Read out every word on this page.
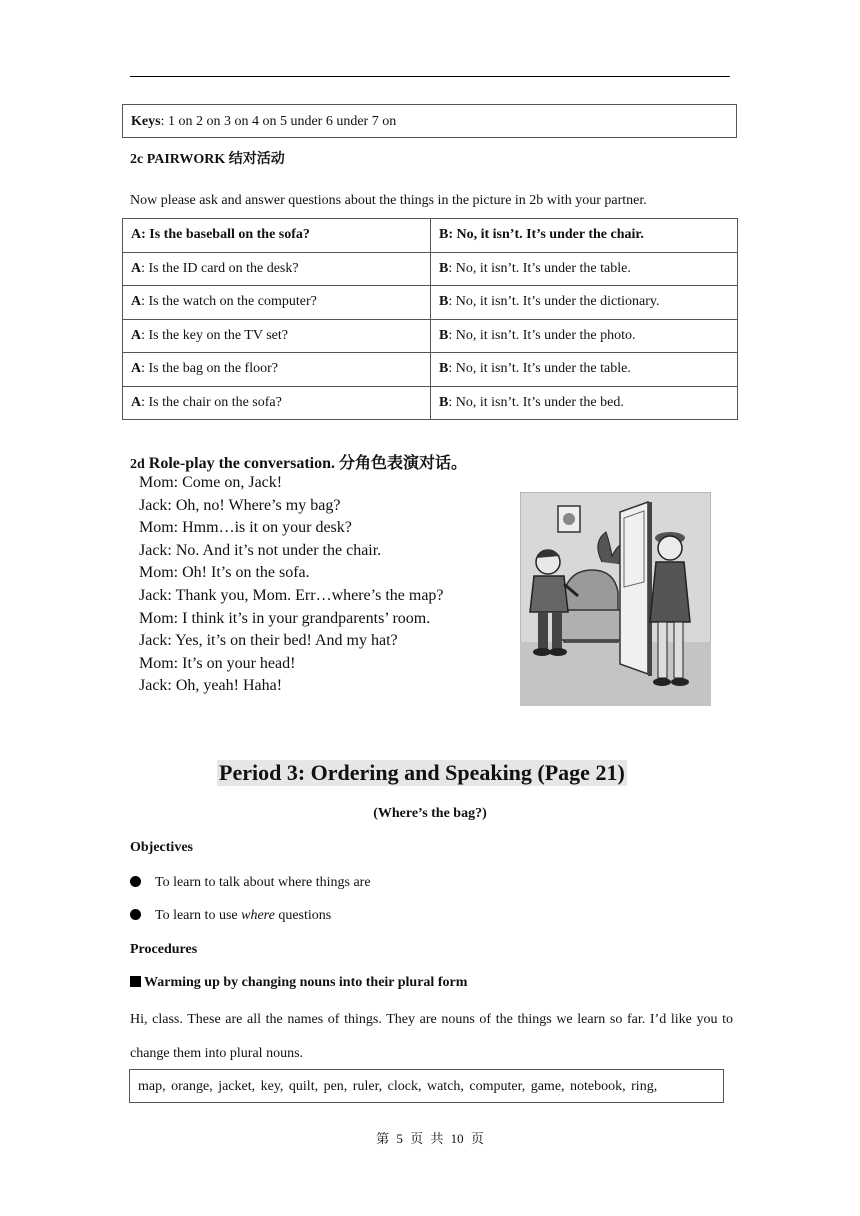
Keys: 1 on 2 on 3 on 4 on 5 under 6 under 7 on
2c PAIRWORK 结对活动
Now please ask and answer questions about the things in the picture in 2b with your partner.
A: Is the baseball on the sofa?	B: No, it isn’t. It’s under the chair.
A: Is the ID card on the desk?	B: No, it isn’t. It’s under the table.
A: Is the watch on the computer?	B: No, it isn’t. It’s under the dictionary.
A: Is the key on the TV set?	B: No, it isn’t. It’s under the photo.
A: Is the bag on the floor?	B: No, it isn’t. It’s under the table.
A: Is the chair on the sofa?	B: No, it isn’t. It’s under the bed.
2d Role-play the conversation. 分角色表演对话。
Mom: Come on, Jack!
Jack: Oh, no! Where’s my bag?
Mom: Hmm…is it on your desk?
Jack: No. And it’s not under the chair.
Mom: Oh! It’s on the sofa.
Jack: Thank you, Mom. Err…where’s the map?
Mom: I think it’s in your grandparents’ room.
Jack: Yes, it’s on their bed! And my hat?
Mom: It’s on your head!
Jack: Oh, yeah! Haha!
Period 3: Ordering and Speaking (Page 21)
(Where’s the bag?)
Objectives
To learn to talk about where things are
To learn to use where questions
Procedures
Warming up by changing nouns into their plural form
Hi, class. These are all the names of things. They are nouns of the things we learn so far. I’d like you to change them into plural nouns.
map, orange, jacket, key, quilt, pen, ruler, clock, watch, computer, game, notebook, ring,
第 5 页 共 10 页
